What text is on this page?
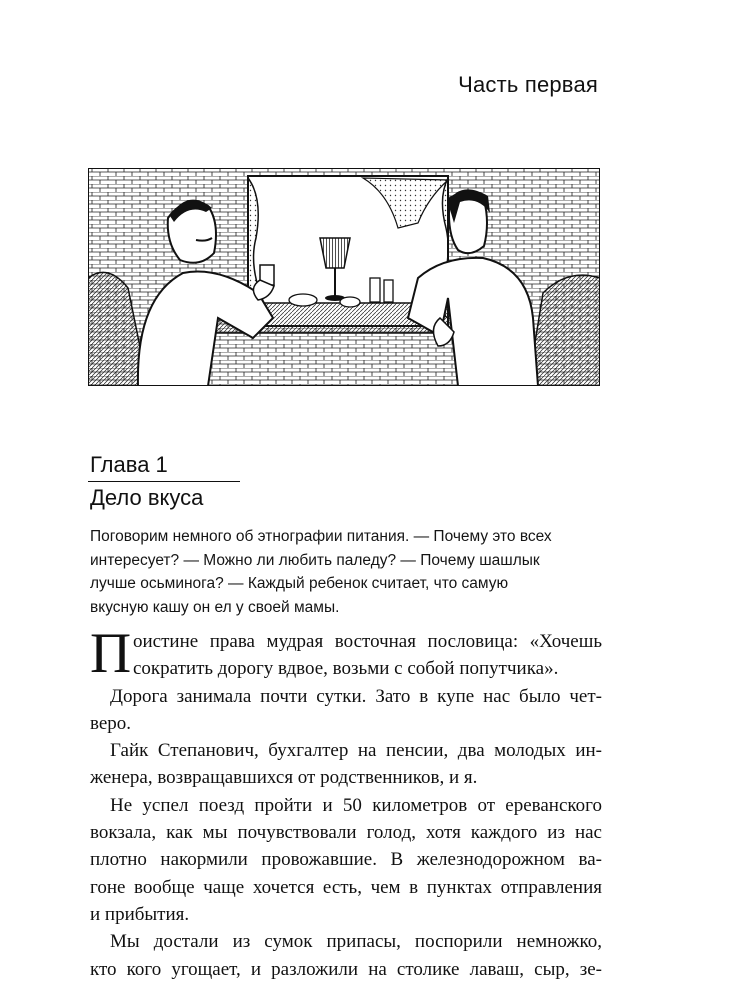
Часть первая
Глава 1
Дело вкуса
Поговорим немного об этнографии питания. — Почему это всех
интересует? — Можно ли любить паледу? — Почему шашлык
лучше осьминога? — Каждый ребенок считает, что самую
вкусную кашу он ел у своей мамы.
П оистине права мудрая восточная пословица: «Хочешь
сократить дорогу вдвое, возьми с собой попутчика».
Дорога занимала почти сутки. Зато в купе нас было чет-
веро.
Гайк Степанович, бухгалтер на пенсии, два молодых ин-
женера, возвращавшихся от родственников, и я.
Не успел поезд пройти и 50 километров от ереванского
вокзала, как мы почувствовали голод, хотя каждого из нас
плотно накормили провожавшие. В железнодорожном ва-
гоне вообще чаще хочется есть, чем в пунктах отправления
и прибытия.
Мы достали из сумок припасы, поспорили немножко,
кто кого угощает, и разложили на столике лаваш, сыр, зе-
